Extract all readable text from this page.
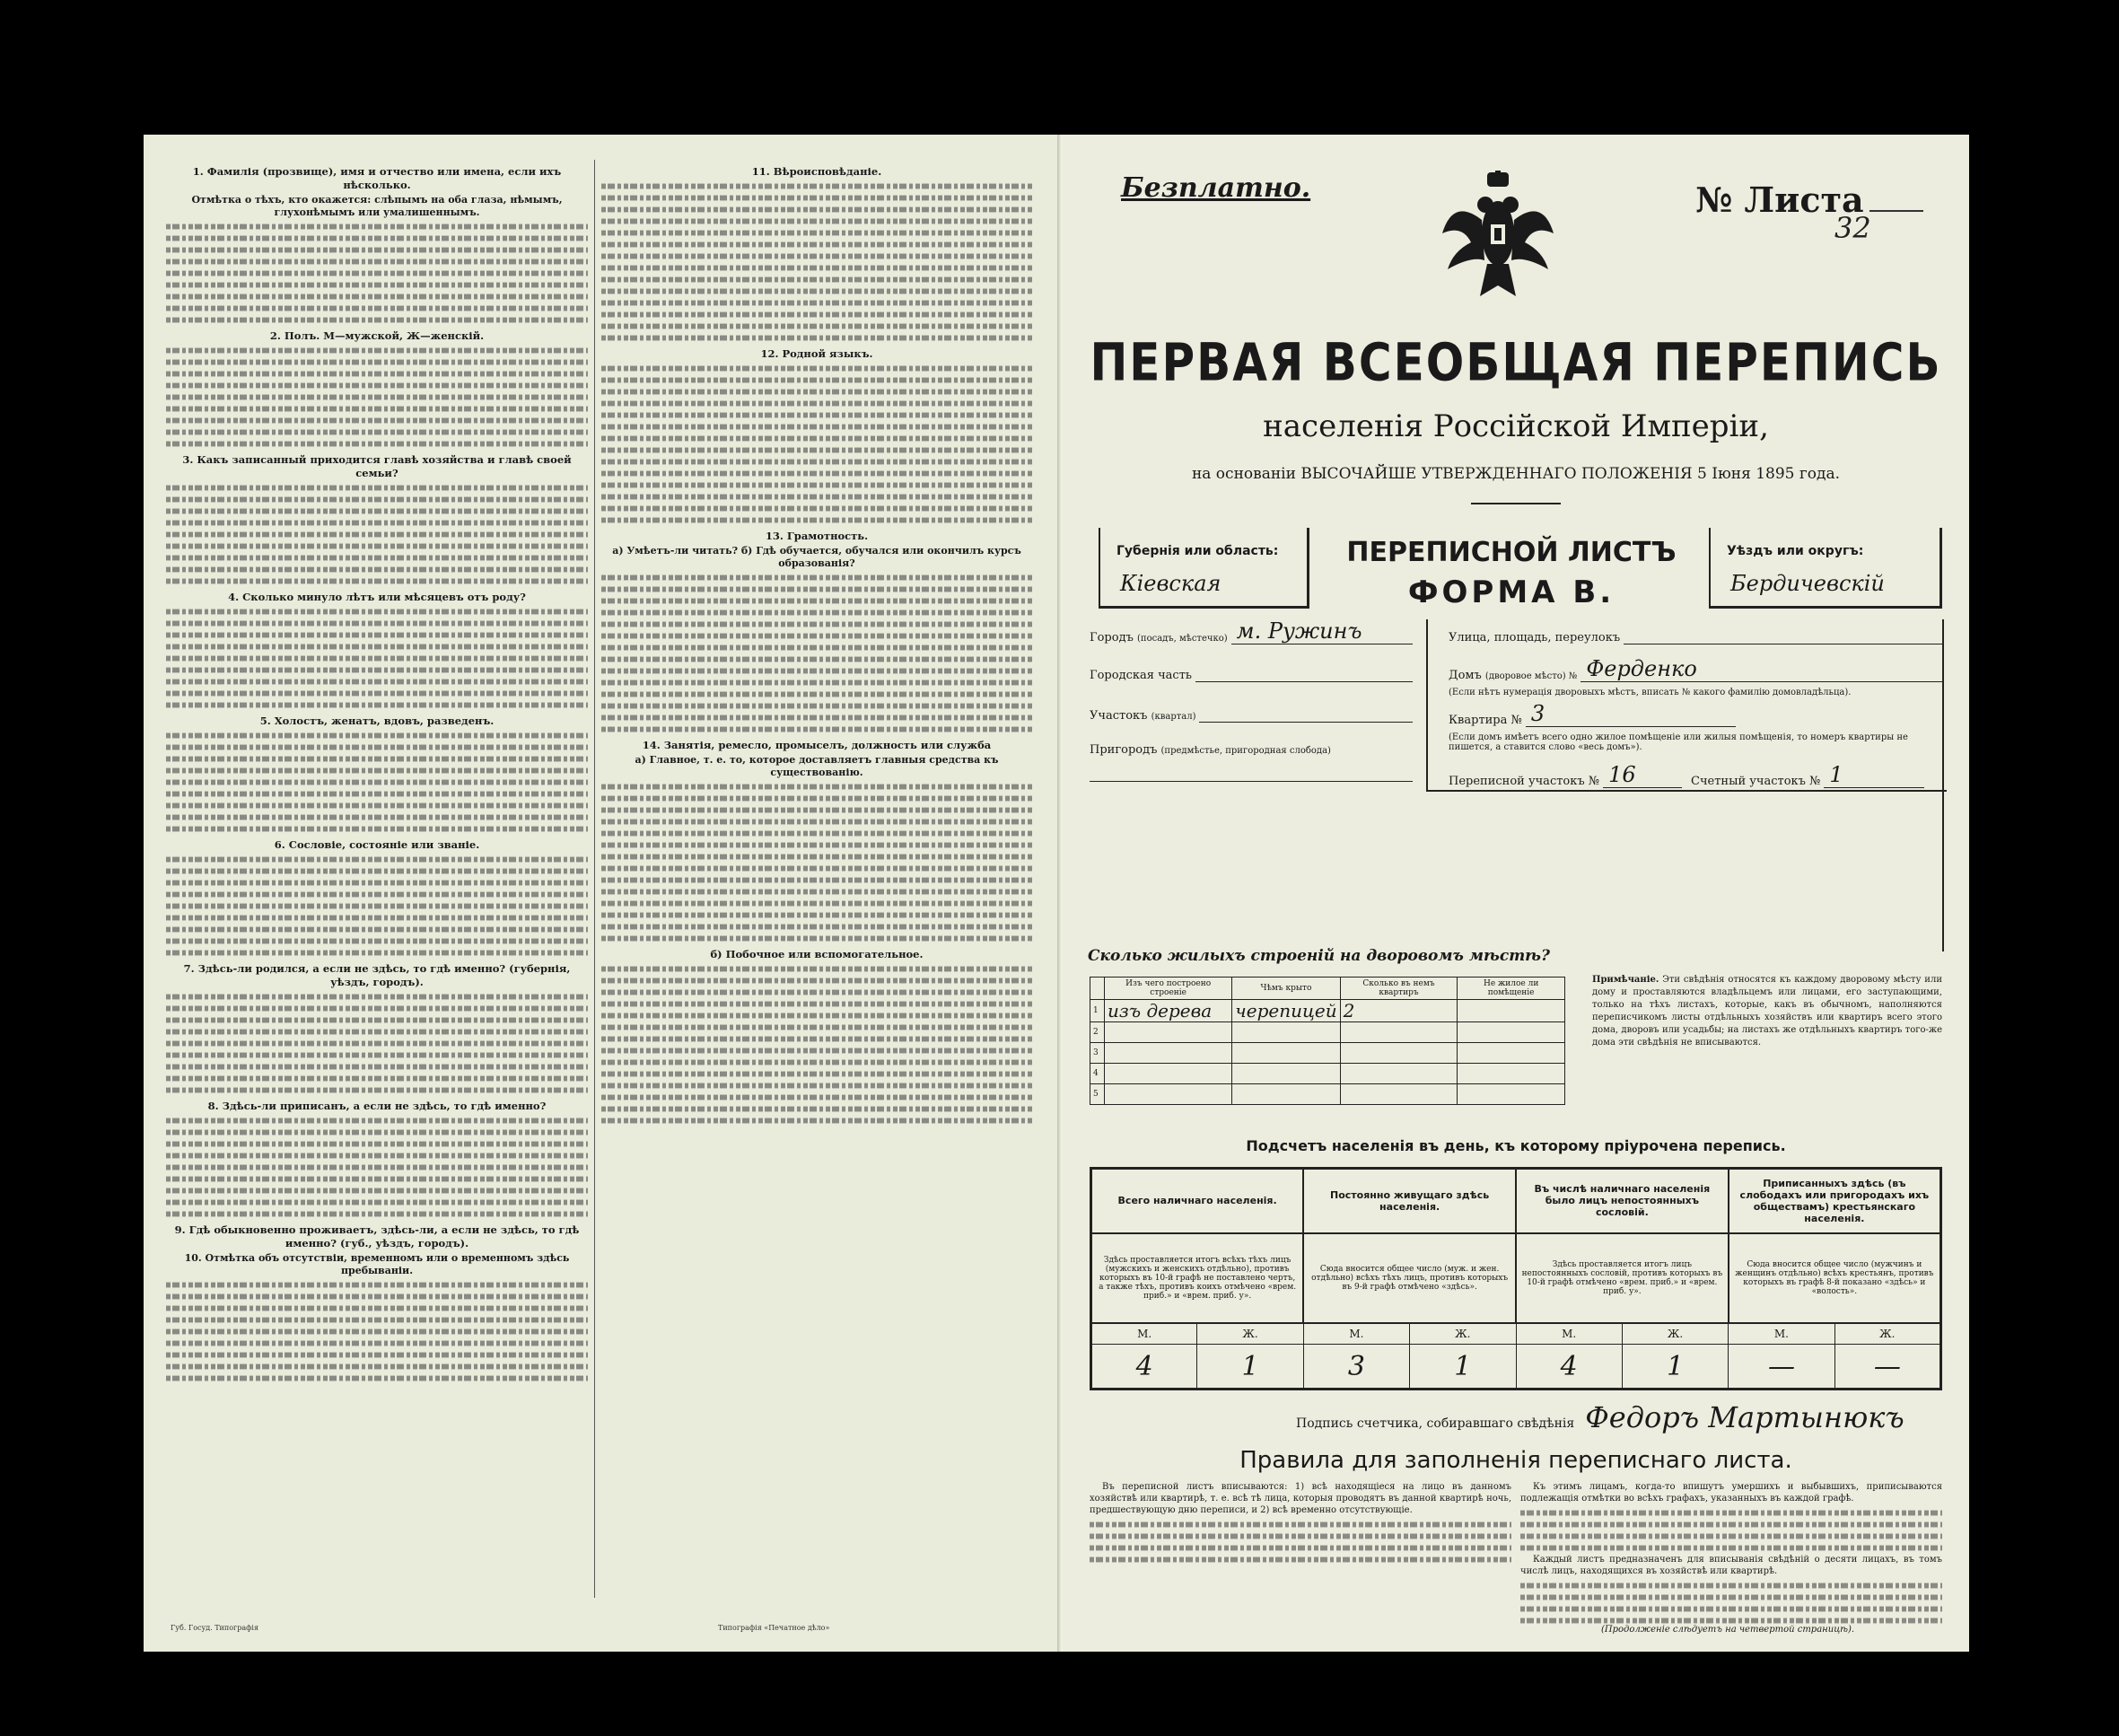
1. Фамилія (прозвище), имя и отчество или имена, если ихъ нѣсколько.
Отмѣтка о тѣхъ, кто окажется: слѣпымъ на оба глаза, нѣмымъ, глухонѣмымъ или умалишеннымъ.
2. Полъ. М—мужской, Ж—женскій.
3. Какъ записанный приходится главѣ хозяйства и главѣ своей семьи?
4. Сколько минуло лѣтъ или мѣсяцевъ отъ роду?
5. Холостъ, женатъ, вдовъ, разведенъ.
6. Сословіе, состояніе или званіе.
7. Здѣсь-ли родился, а если не здѣсь, то гдѣ именно? (губернія, уѣздъ, городъ).
8. Здѣсь-ли приписанъ, а если не здѣсь, то гдѣ именно?
9. Гдѣ обыкновенно проживаетъ, здѣсь-ли, а если не здѣсь, то гдѣ именно? (губ., уѣздъ, городъ).
10. Отмѣтка объ отсутствіи, временномъ или о временномъ здѣсь пребываніи.
11. Вѣроисповѣданіе.
12. Родной языкъ.
13. Грамотность.
а) Умѣетъ-ли читать? б) Гдѣ обучается, обучался или окончилъ курсъ образованія?
14. Занятія, ремесло, промыселъ, должность или служба
а) Главное, т. е. то, которое доставляетъ главныя средства къ существованію.
б) Побочное или вспомогательное.
Губ. Госуд. Типографія	Типографія «Печатное дѣло»
Безплатно.	№ Листа
32
ПЕРВАЯ ВСЕОБЩАЯ ПЕРЕПИСЬ
населенія Россійской Имперіи,
на основаніи ВЫСОЧАЙШЕ УТВЕРЖДЕННАГО ПОЛОЖЕНІЯ 5 Іюня 1895 года.
Губернія или область:
Кіевская
ПЕРЕПИСНОЙ ЛИСТЪ
ФОРМА В.
Уѣздъ или округъ:
Бердичевскій
Городъ (посадъ, мѣстечко) м. Ружинъ	Улица, площадь, переулокъ
Городская часть	Домъ (дворовое мѣсто) № Ферденко
(Если нѣтъ нумерація дворовыхъ мѣстъ, вписать № какого фамилію домовладѣльца).
Участокъ (квартал)	Квартира № 3
(Если домъ имѣетъ всего одно жилое помѣщеніе или жилыя помѣщенія, то номеръ квартиры не пишется, а ставится слово «весь домъ»).
Пригородъ (предмѣстье, пригородная слобода)
Переписной участокъ № 16	Счетный участокъ № 1
Сколько жилыхъ строеній на дворовомъ мѣстѣ?
	Изъ чего построено строеніе	Чѣмъ крыто	Сколько въ немъ квартиръ	Не жилое ли помѣщеніе
1	изъ дерева	черепицей	2	
2				
3				
4				
5				
Примѣчаніе. Эти свѣдѣнія относятся къ каждому дворовому мѣсту или дому и проставляются владѣльцемъ или лицами, его заступающими, только на тѣхъ листахъ, которые, какъ въ обычномъ, наполняются переписчикомъ листы отдѣльныхъ хозяйствъ или квартиръ всего этого дома, дворовъ или усадьбы; на листахъ же отдѣльныхъ квартиръ того-же дома эти свѣдѣнія не вписываются.
Подсчетъ населенія въ день, къ которому пріурочена перепись.
Всего наличнаго населенія.		Постоянно живущаго здѣсь населенія.		Въ числѣ наличнаго населенія было лицъ непостоянныхъ сословій.		Приписанныхъ здѣсь (въ слободахъ или пригородахъ ихъ обществамъ) крестьянскаго населенія.	
Здѣсь проставляется итогъ всѣхъ тѣхъ лицъ (мужскихъ и женскихъ отдѣльно), противъ которыхъ въ 10-й графѣ не поставлено чертъ, а также тѣхъ, противъ коихъ отмѣчено «врем. приб.» и «врем. приб. у».		Сюда вносится общее число (муж. и жен. отдѣльно) всѣхъ тѣхъ лицъ, противъ которыхъ въ 9-й графѣ отмѣчено «здѣсь».		Здѣсь проставляется итогъ лицъ непостоянныхъ сословій, противъ которыхъ въ 10-й графѣ отмѣчено «врем. приб.» и «врем. приб. у».		Сюда вносится общее число (мужчинъ и женщинъ отдѣльно) всѣхъ крестьянъ, противъ которыхъ въ графѣ 8-й показано «здѣсь» и «волость».	
М.	Ж.	М.	Ж.	М.	Ж.	М.	Ж.
4	1	3	1	4	1	—	—
Подпись счетчика, собиравшаго свѣдѣнія Федоръ Мартынюкъ
Правила для заполненія переписнаго листа.

Въ переписной листъ вписываются: 1) всѣ находящіеся на лицо въ данномъ хозяйствѣ или квартирѣ, т. е. всѣ тѣ лица, которыя проводятъ въ данной квартирѣ ночь, предшествующую дню переписи, и 2) всѣ временно отсутствующіе.

Къ этимъ лицамъ, когда-то впишутъ умершихъ и выбывшихъ, приписываются подлежащія отмѣтки во всѣхъ графахъ, указанныхъ въ каждой графѣ.

Каждый листъ предназначенъ для вписыванія свѣдѣній о десяти лицахъ, въ томъ числѣ лицъ, находящихся въ хозяйствѣ или квартирѣ.

(Продолженіе слѣдуетъ на четвертой страницѣ).
